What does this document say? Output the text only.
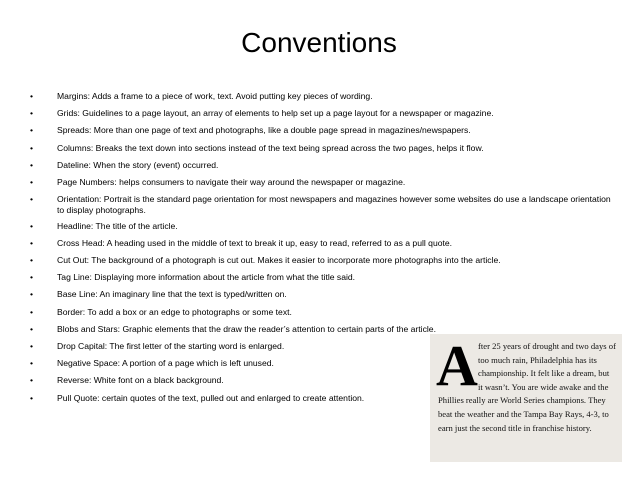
Conventions
•	Margins: Adds a frame to a piece of work, text. Avoid putting key pieces of wording.
•	Grids: Guidelines to a page layout, an array of elements to help set up a page layout for a newspaper or magazine.
•	Spreads: More than one page of text and photographs, like a double page spread in magazines/newspapers.
•	Columns: Breaks the text down into sections instead of the text being spread across the two pages, helps it flow.
•	Dateline: When the story (event) occurred.
•	Page Numbers: helps consumers to navigate their way around the newspaper or magazine.
•	Orientation: Portrait is the standard page orientation for most newspapers and magazines however some websites do use a landscape orientation to display photographs.
•	Headline: The title of the article.
•	Cross Head: A heading used in the middle of text to break it up, easy to read, referred to as a pull quote.
•	Cut Out: The background of a photograph is cut out. Makes it easier to incorporate more photographs into the article.
•	Tag Line: Displaying more information about the article from what the title said.
•	Base Line: An imaginary line that the text is typed/written on.
•	Border: To add a box or an edge to photographs or some text.
•	Blobs and Stars: Graphic elements that the draw the reader’s attention to certain parts of the article.
•	Drop Capital: The first letter of the starting word is enlarged.
•	Negative Space: A portion of a page which is left unused.
•	Reverse: White font on a black background.
•	Pull Quote: certain quotes of the text, pulled out and enlarged to create attention.	A fter 25 years of drought and two days of too much rain, Philadelphia has its championship. It felt like a dream, but it wasn’t. You are wide awake and the Phillies really are World Series champions. They beat the weather and the Tampa Bay Rays, 4-3, to earn just the second title in franchise history.
